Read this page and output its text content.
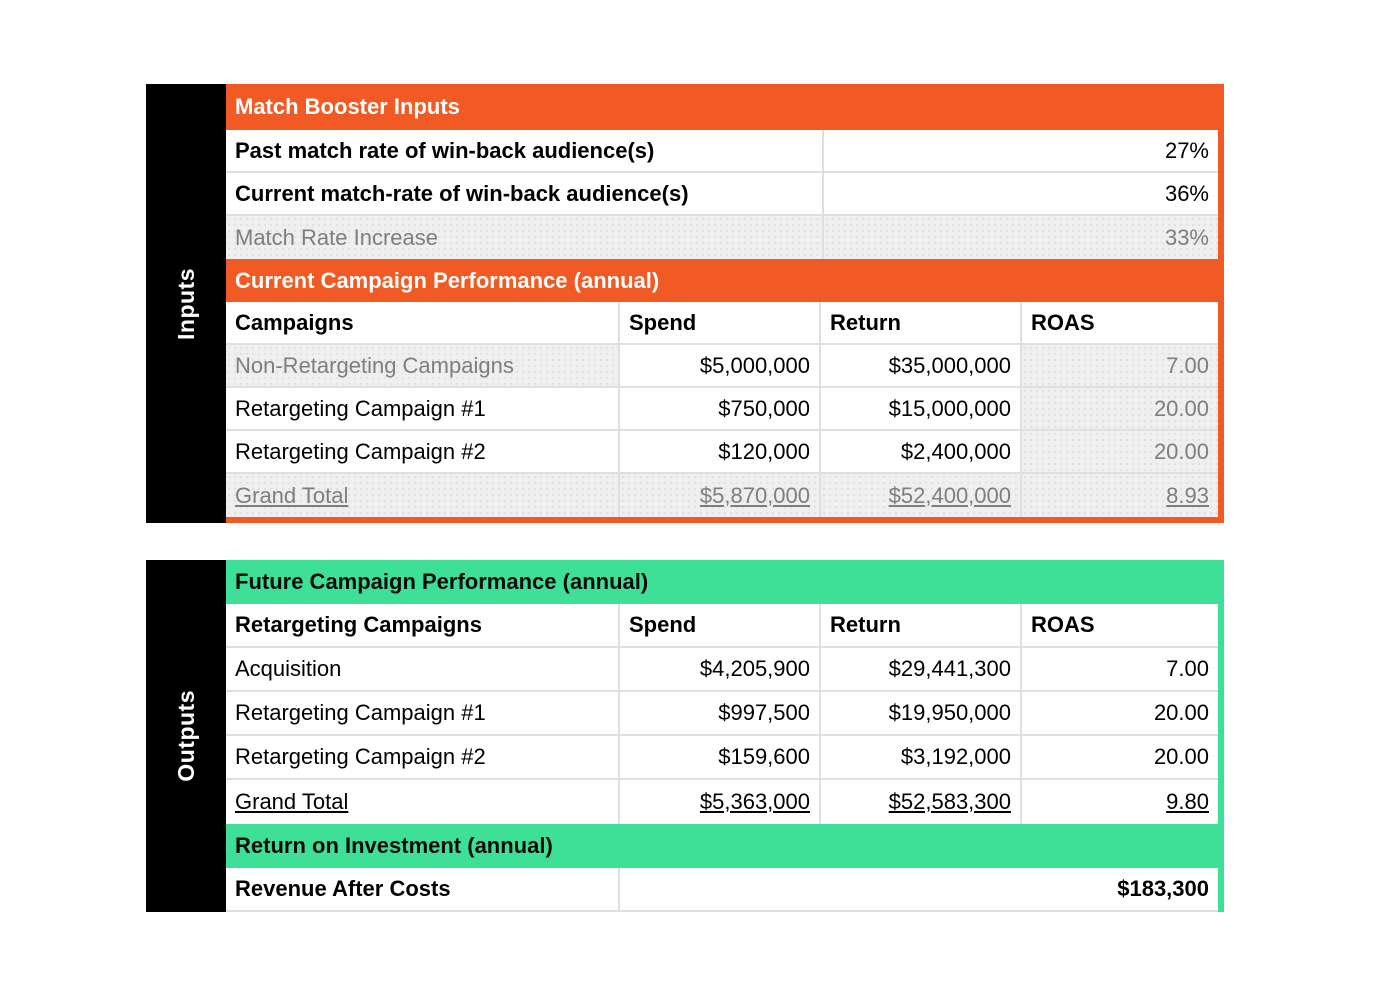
Inputs
Match Booster Inputs
Past match rate of win-back audience(s)	27%
Current match-rate of win-back audience(s)	36%
Match Rate Increase	33%
Current Campaign Performance (annual)
Campaigns	Spend	Return	ROAS
Non-Retargeting Campaigns	$5,000,000	$35,000,000	7.00
Retargeting Campaign #1	$750,000	$15,000,000	20.00
Retargeting Campaign #2	$120,000	$2,400,000	20.00
Grand Total	$5,870,000	$52,400,000	8.93
Outputs
Future Campaign Performance (annual)
Retargeting Campaigns	Spend	Return	ROAS
Acquisition	$4,205,900	$29,441,300	7.00
Retargeting Campaign #1	$997,500	$19,950,000	20.00
Retargeting Campaign #2	$159,600	$3,192,000	20.00
Grand Total	$5,363,000	$52,583,300	9.80
Return on Investment (annual)
Revenue After Costs	$183,300
